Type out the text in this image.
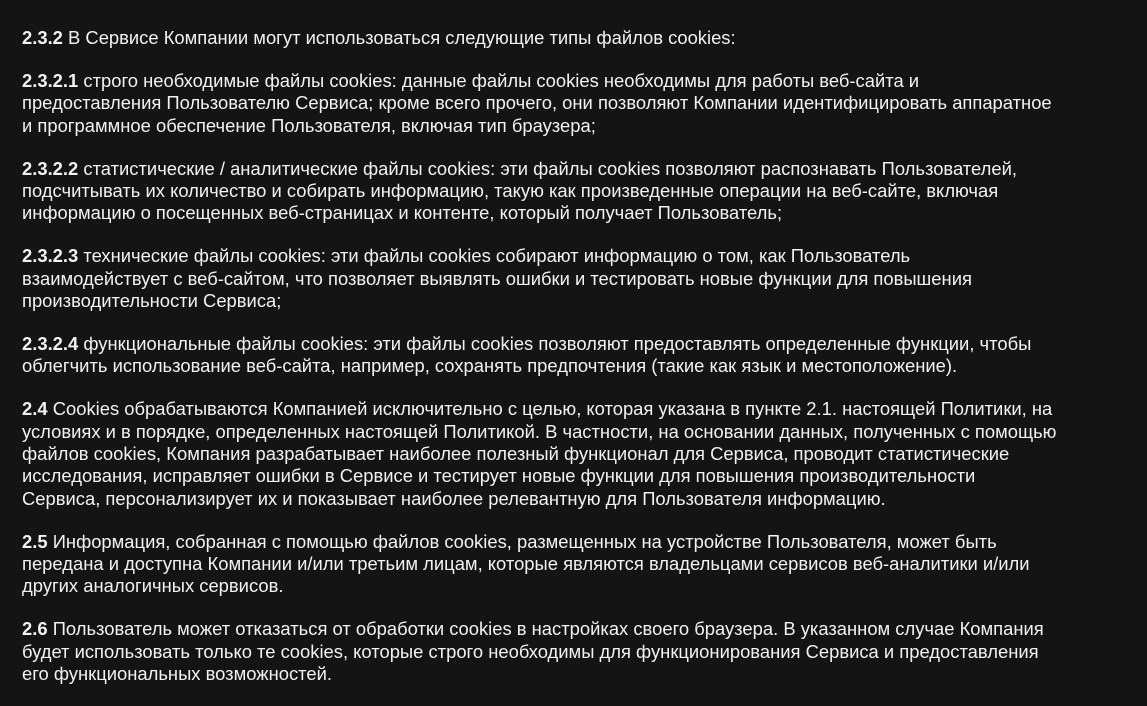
2.3.2 В Сервисе Компании могут использоваться следующие типы файлов cookies:
2.3.2.1 строго необходимые файлы cookies: данные файлы cookies необходимы для работы веб-сайта и
предоставления Пользователю Сервиса; кроме всего прочего, они позволяют Компании идентифицировать аппаратное
и программное обеспечение Пользователя, включая тип браузера;
2.3.2.2 статистические / аналитические файлы cookies: эти файлы cookies позволяют распознавать Пользователей,
подсчитывать их количество и собирать информацию, такую как произведенные операции на веб-сайте, включая
информацию о посещенных веб-страницах и контенте, который получает Пользователь;
2.3.2.3 технические файлы cookies: эти файлы cookies собирают информацию о том, как Пользователь
взаимодействует с веб-сайтом, что позволяет выявлять ошибки и тестировать новые функции для повышения
производительности Сервиса;
2.3.2.4 функциональные файлы cookies: эти файлы cookies позволяют предоставлять определенные функции, чтобы
облегчить использование веб-сайта, например, сохранять предпочтения (такие как язык и местоположение).
2.4 Cookies обрабатываются Компанией исключительно с целью, которая указана в пункте 2.1. настоящей Политики, на
условиях и в порядке, определенных настоящей Политикой. В частности, на основании данных, полученных с помощью
файлов cookies, Компания разрабатывает наиболее полезный функционал для Сервиса, проводит статистические
исследования, исправляет ошибки в Сервисе и тестирует новые функции для повышения производительности
Сервиса, персонализирует их и показывает наиболее релевантную для Пользователя информацию.
2.5 Информация, собранная с помощью файлов cookies, размещенных на устройстве Пользователя, может быть
передана и доступна Компании и/или третьим лицам, которые являются владельцами сервисов веб-аналитики и/или
других аналогичных сервисов.
2.6 Пользователь может отказаться от обработки cookies в настройках своего браузера. В указанном случае Компания
будет использовать только те cookies, которые строго необходимы для функционирования Сервиса и предоставления
его функциональных возможностей.
